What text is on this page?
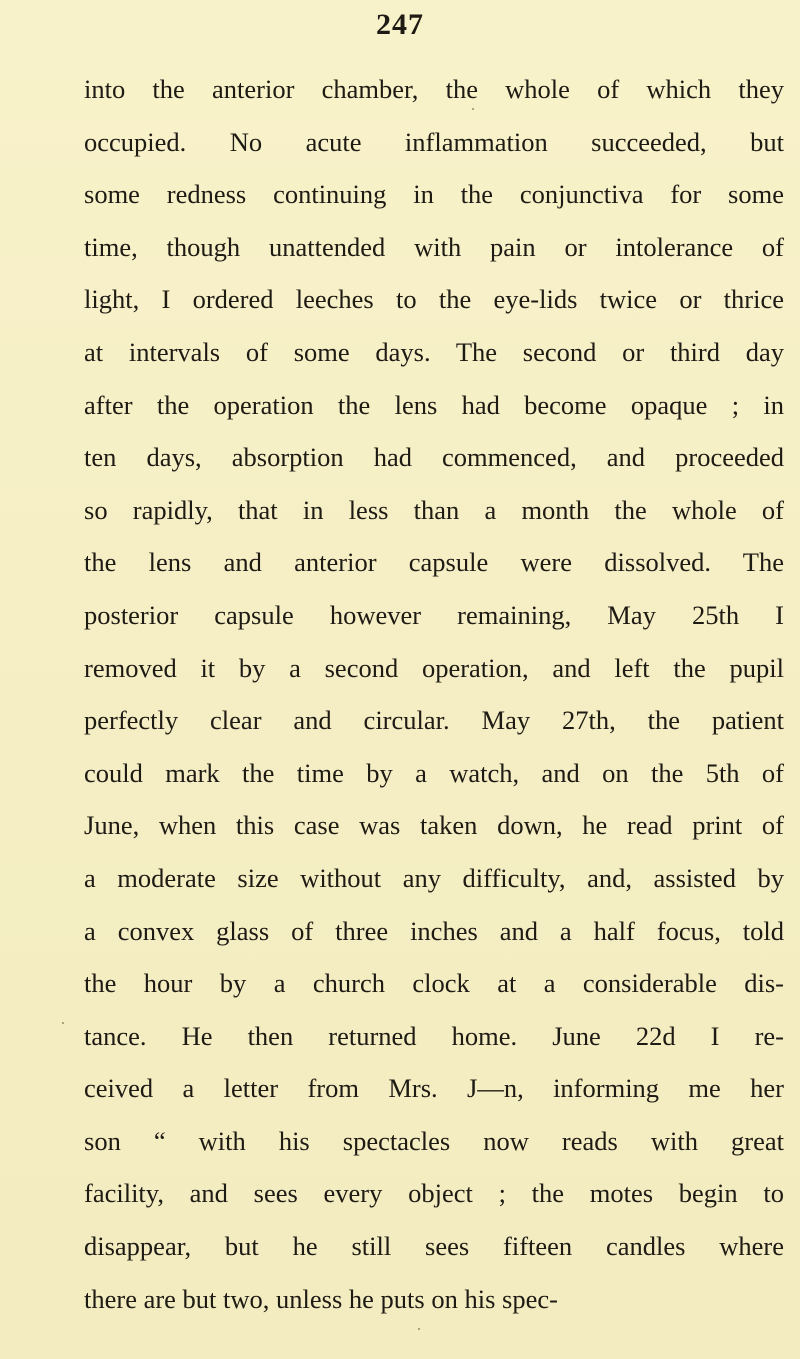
247
into the anterior chamber, the whole of which they
occupied. No acute inflammation succeeded, but
some redness continuing in the conjunctiva for some
time, though unattended with pain or intolerance of
light, I ordered leeches to the eye-lids twice or thrice
at intervals of some days. The second or third day
after the operation the lens had become opaque ; in
ten days, absorption had commenced, and proceeded
so rapidly, that in less than a month the whole of
the lens and anterior capsule were dissolved. The
posterior capsule however remaining, May 25th I
removed it by a second operation, and left the pupil
perfectly clear and circular. May 27th, the patient
could mark the time by a watch, and on the 5th of
June, when this case was taken down, he read print of
a moderate size without any difficulty, and, assisted by
a convex glass of three inches and a half focus, told
the hour by a church clock at a considerable dis-
tance. He then returned home. June 22d I re-
ceived a letter from Mrs. J—n, informing me her
son “ with his spectacles now reads with great
facility, and sees every object ; the motes begin to
disappear, but he still sees fifteen candles where
there are but two, unless he puts on his spec-
